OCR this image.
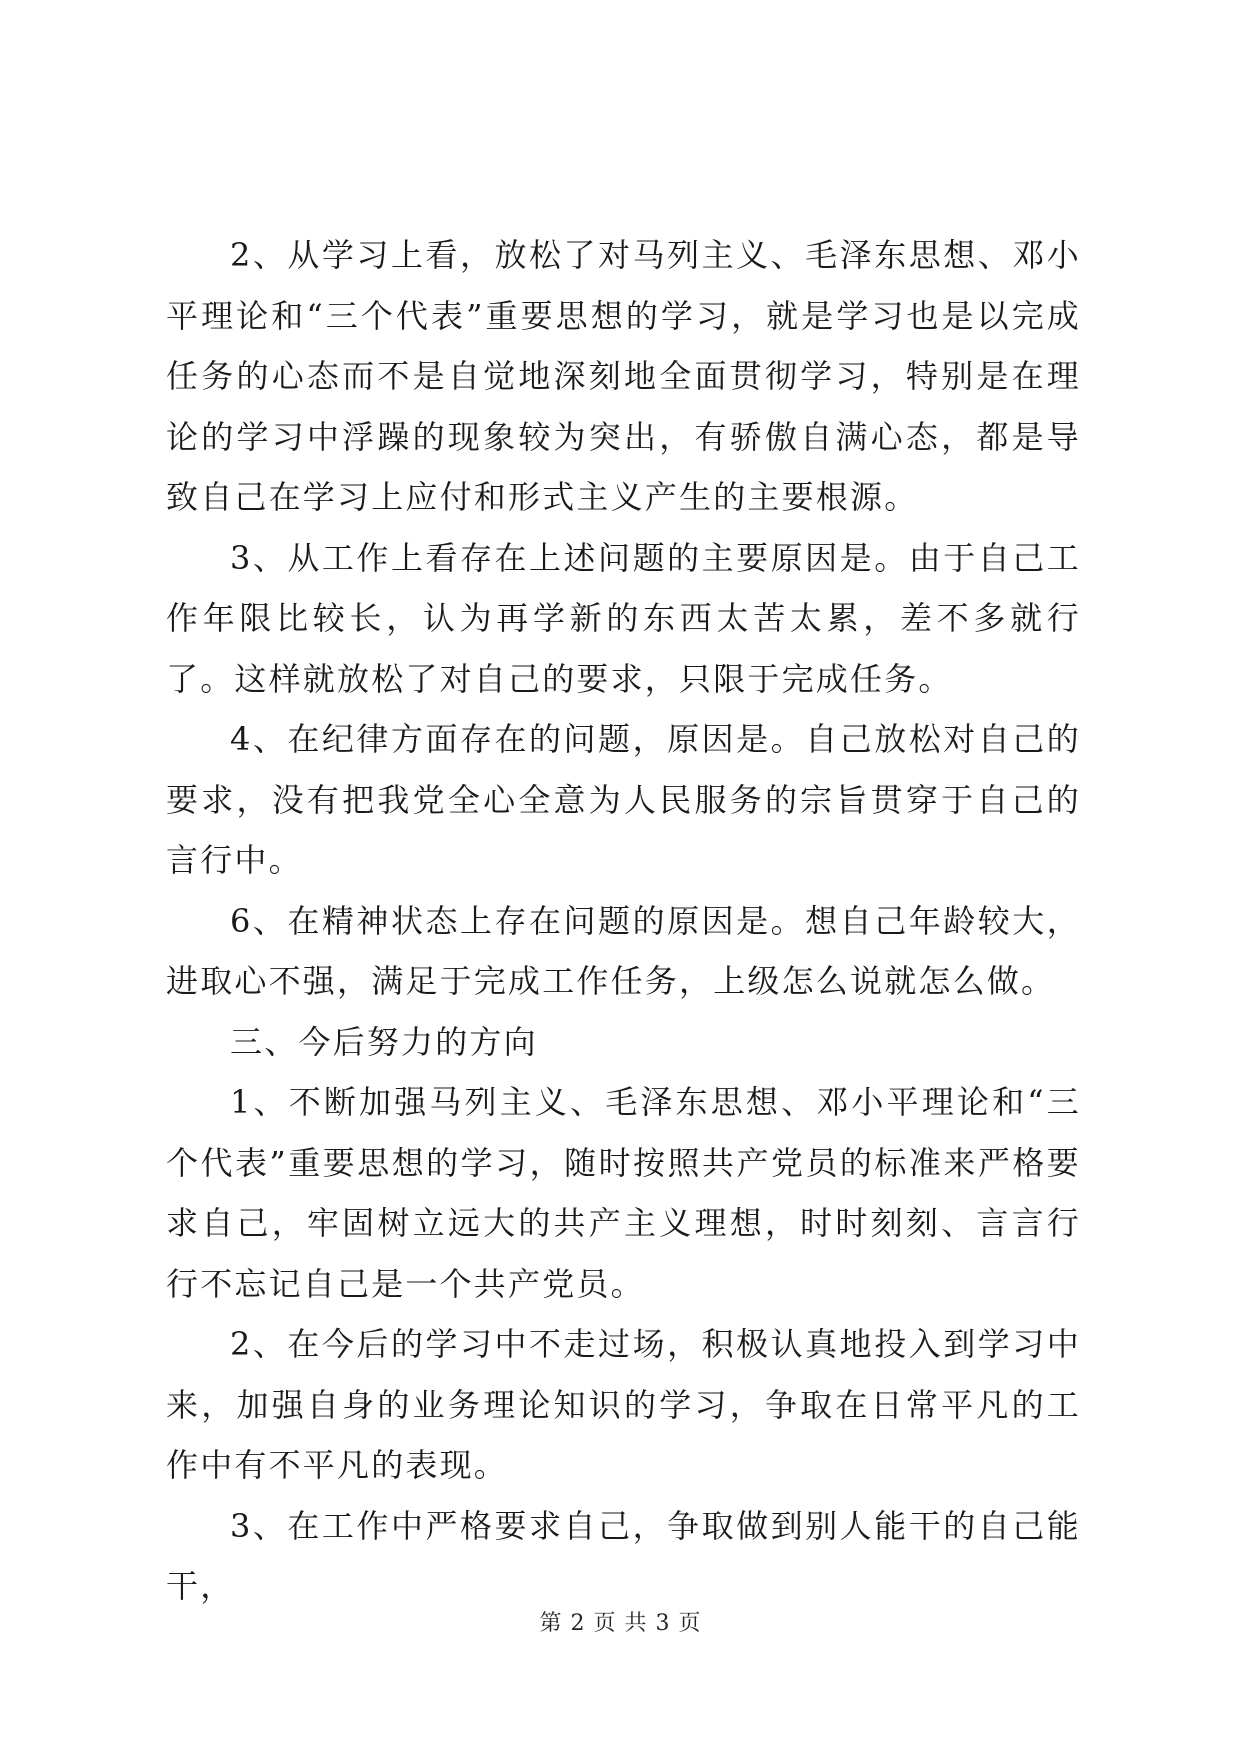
2、从学习上看，放松了对马列主义、毛泽东思想、邓小平理论和“三个代表”重要思想的学习，就是学习也是以完成任务的心态而不是自觉地深刻地全面贯彻学习，特别是在理论的学习中浮躁的现象较为突出，有骄傲自满心态，都是导致自己在学习上应付和形式主义产生的主要根源。

3、从工作上看存在上述问题的主要原因是。由于自己工作年限比较长，认为再学新的东西太苦太累，差不多就行了。这样就放松了对自己的要求，只限于完成任务。

4、在纪律方面存在的问题，原因是。自己放松对自己的要求，没有把我党全心全意为人民服务的宗旨贯穿于自己的言行中。

6、在精神状态上存在问题的原因是。想自己年龄较大，进取心不强，满足于完成工作任务，上级怎么说就怎么做。

三、今后努力的方向

1、不断加强马列主义、毛泽东思想、邓小平理论和“三个代表”重要思想的学习，随时按照共产党员的标准来严格要求自己，牢固树立远大的共产主义理想，时时刻刻、言言行行不忘记自己是一个共产党员。

2、在今后的学习中不走过场，积极认真地投入到学习中来，加强自身的业务理论知识的学习，争取在日常平凡的工作中有不平凡的表现。

3、在工作中严格要求自己，争取做到别人能干的自己能干，

第 2 页 共 3 页
